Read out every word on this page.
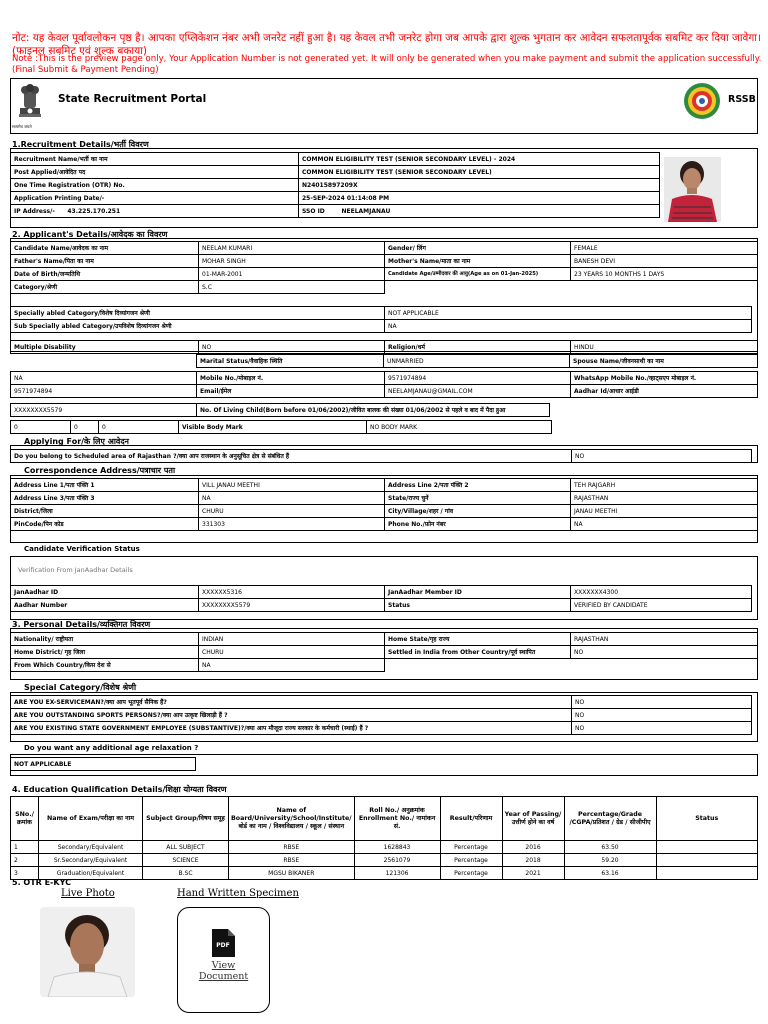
नोट: यह केवल पूर्वावलोकन पृष्ठ है। आपका एप्लिकेशन नंबर अभी जनरेट नहीं हुआ है। यह केवल तभी जनरेट होगा जब आपके द्वारा शुल्क भुगतान कर आवेदन सफलतापूर्वक सबमिट कर दिया जावेगा।(फाइनल सबमिट एवं शुल्क बकाया)
Note :This is the preview page only, Your Application Number is not generated yet. It will only be generated when you make payment and submit the application successfully.(Final Submit & Payment Pending)
सत्यमेव जयते
State Recruitment Portal	RSSB
1.Recruitment Details/भर्ती विवरण
Recruitment Name/भर्ती का नाम	COMMON ELIGIBILITY TEST (SENIOR SECONDARY LEVEL) - 2024
Post Applied/आवेदित पद	COMMON ELIGIBILITY TEST (SENIOR SECONDARY LEVEL)
One Time Registration (OTR) No.	N24015897209X
Application Printing Date/-	25-SEP-2024 01:14:08 PM
IP Address/- 43.225.170.251	SSO ID NEELAMJANAU
2. Applicant's Details/आवेदक का विवरण
Candidate Name/आवेदक का नाम	NEELAM KUMARI	Gender/ लिंग	FEMALE
Father's Name/पिता का नाम	MOHAR SINGH	Mother's Name/माता का नाम	BANESH DEVI
Date of Birth/जन्मतिथि	01-MAR-2001	Candidate Age/उम्मीदवार की आयु(Age as on 01-Jan-2025)	23 YEARS 10 MONTHS 1 DAYS
Category/श्रेणी	S.C		
Specially abled Category/विशेष दिव्यांगजन श्रेणी	NOT APPLICABLE
Sub Specially abled Category/उपविशेष दिव्यांगजन श्रेणी	NA
Multiple Disability	NO	Religion/धर्म	HINDU
Marital Status/वैवाहिक स्थिति	UNMARRIED	Spouse Name/जीवनसाथी का नाम
NA	Mobile No./मोबाइल नं.	9571974894	WhatsApp Mobile No./व्हाट्सएप मोबाइल नं.
9571974894	Email/ईमेल	NEELAMJANAU@GMAIL.COM	Aadhar Id/आधार आईडी
XXXXXXXX5579	No. Of Living Child(Born before 01/06/2002)/जीवित बालक की संख्या 01/06/2002 से पहले व बाद में पैदा हुआ
0	0	0	Visible Body Mark	NO BODY MARK
Applying For/के लिए आवेदन
Do you belong to Scheduled area of Rajasthan ?/क्या आप राजस्थान के अनुसूचित क्षेत्र से संबंधित हैं	NO
Correspondence Address/पत्राचार पता
Address Line 1/पता पंक्ति 1	VILL JANAU MEETHI	Address Line 2/पता पंक्ति 2	TEH RAJGARH
Address Line 3/पता पंक्ति 3	NA	State/राज्य चुनें	RAJASTHAN
District/जिला	CHURU	City/Village/शहर / गांव	JANAU MEETHI
PinCode/पिन कोड	331303	Phone No./फ़ोन नंबर	NA
Candidate Verification Status
Verification From JanAadhar Details
JanAadhar ID	XXXXXX5316	JanAadhar Member ID	XXXXXXX4300
Aadhar Number	XXXXXXXX5579	Status	VERIFIED BY CANDIDATE
3. Personal Details/व्यक्तिगत विवरण
Nationality/ राष्ट्रीयता	INDIAN	Home State/गृह राज्य	RAJASTHAN
Home District/ गृह जिला	CHURU	Settled in India from Other Country/पूर्व स्थापित	NO
From Which Country/किस देश से	NA		
Special Category/विशेष श्रेणी
ARE YOU EX-SERVICEMAN?/क्या आप भूतपूर्व सैनिक हैं?	NO
ARE YOU OUTSTANDING SPORTS PERSONS?/क्या आप उत्कृष्ट खिलाड़ी हैं ?	NO
ARE YOU EXISTING STATE GOVERNMENT EMPLOYEE (SUBSTANTIVE)?/क्या आप मौजूदा राज्य सरकार के कर्मचारी (स्थाई) हैं ?	NO
Do you want any additional age relaxation ?
NOT APPLICABLE
4. Education Qualification Details/शिक्षा योग्यता विवरण
SNo./ क्रमांक	Name of Exam/परीक्षा का नाम	Subject Group/विषय समूह	Name of Board/University/School/Institute/बोर्ड का नाम / विश्वविद्यालय / स्कूल / संस्थान	Roll No./ अनुक्रमांक Enrollment No./ नामांकन सं.	Result/परिणाम	Year of Passing/ उत्तीर्ण होने का वर्ष	Percentage/Grade /CGPA/प्रतिशत / ग्रेड / सीजीपीए	Status
1	Secondary/Equivalent	ALL SUBJECT	RBSE	1628843	Percentage	2016	63.50	
2	Sr.Secondary/Equivalent	SCIENCE	RBSE	2561079	Percentage	2018	59.20	
3	Graduation/Equivalent	B.SC	MGSU BIKANER	121306	Percentage	2021	63.16	
5. OTR E-KYC
Live Photo	Hand Written Specimen
PDF
View
Document
